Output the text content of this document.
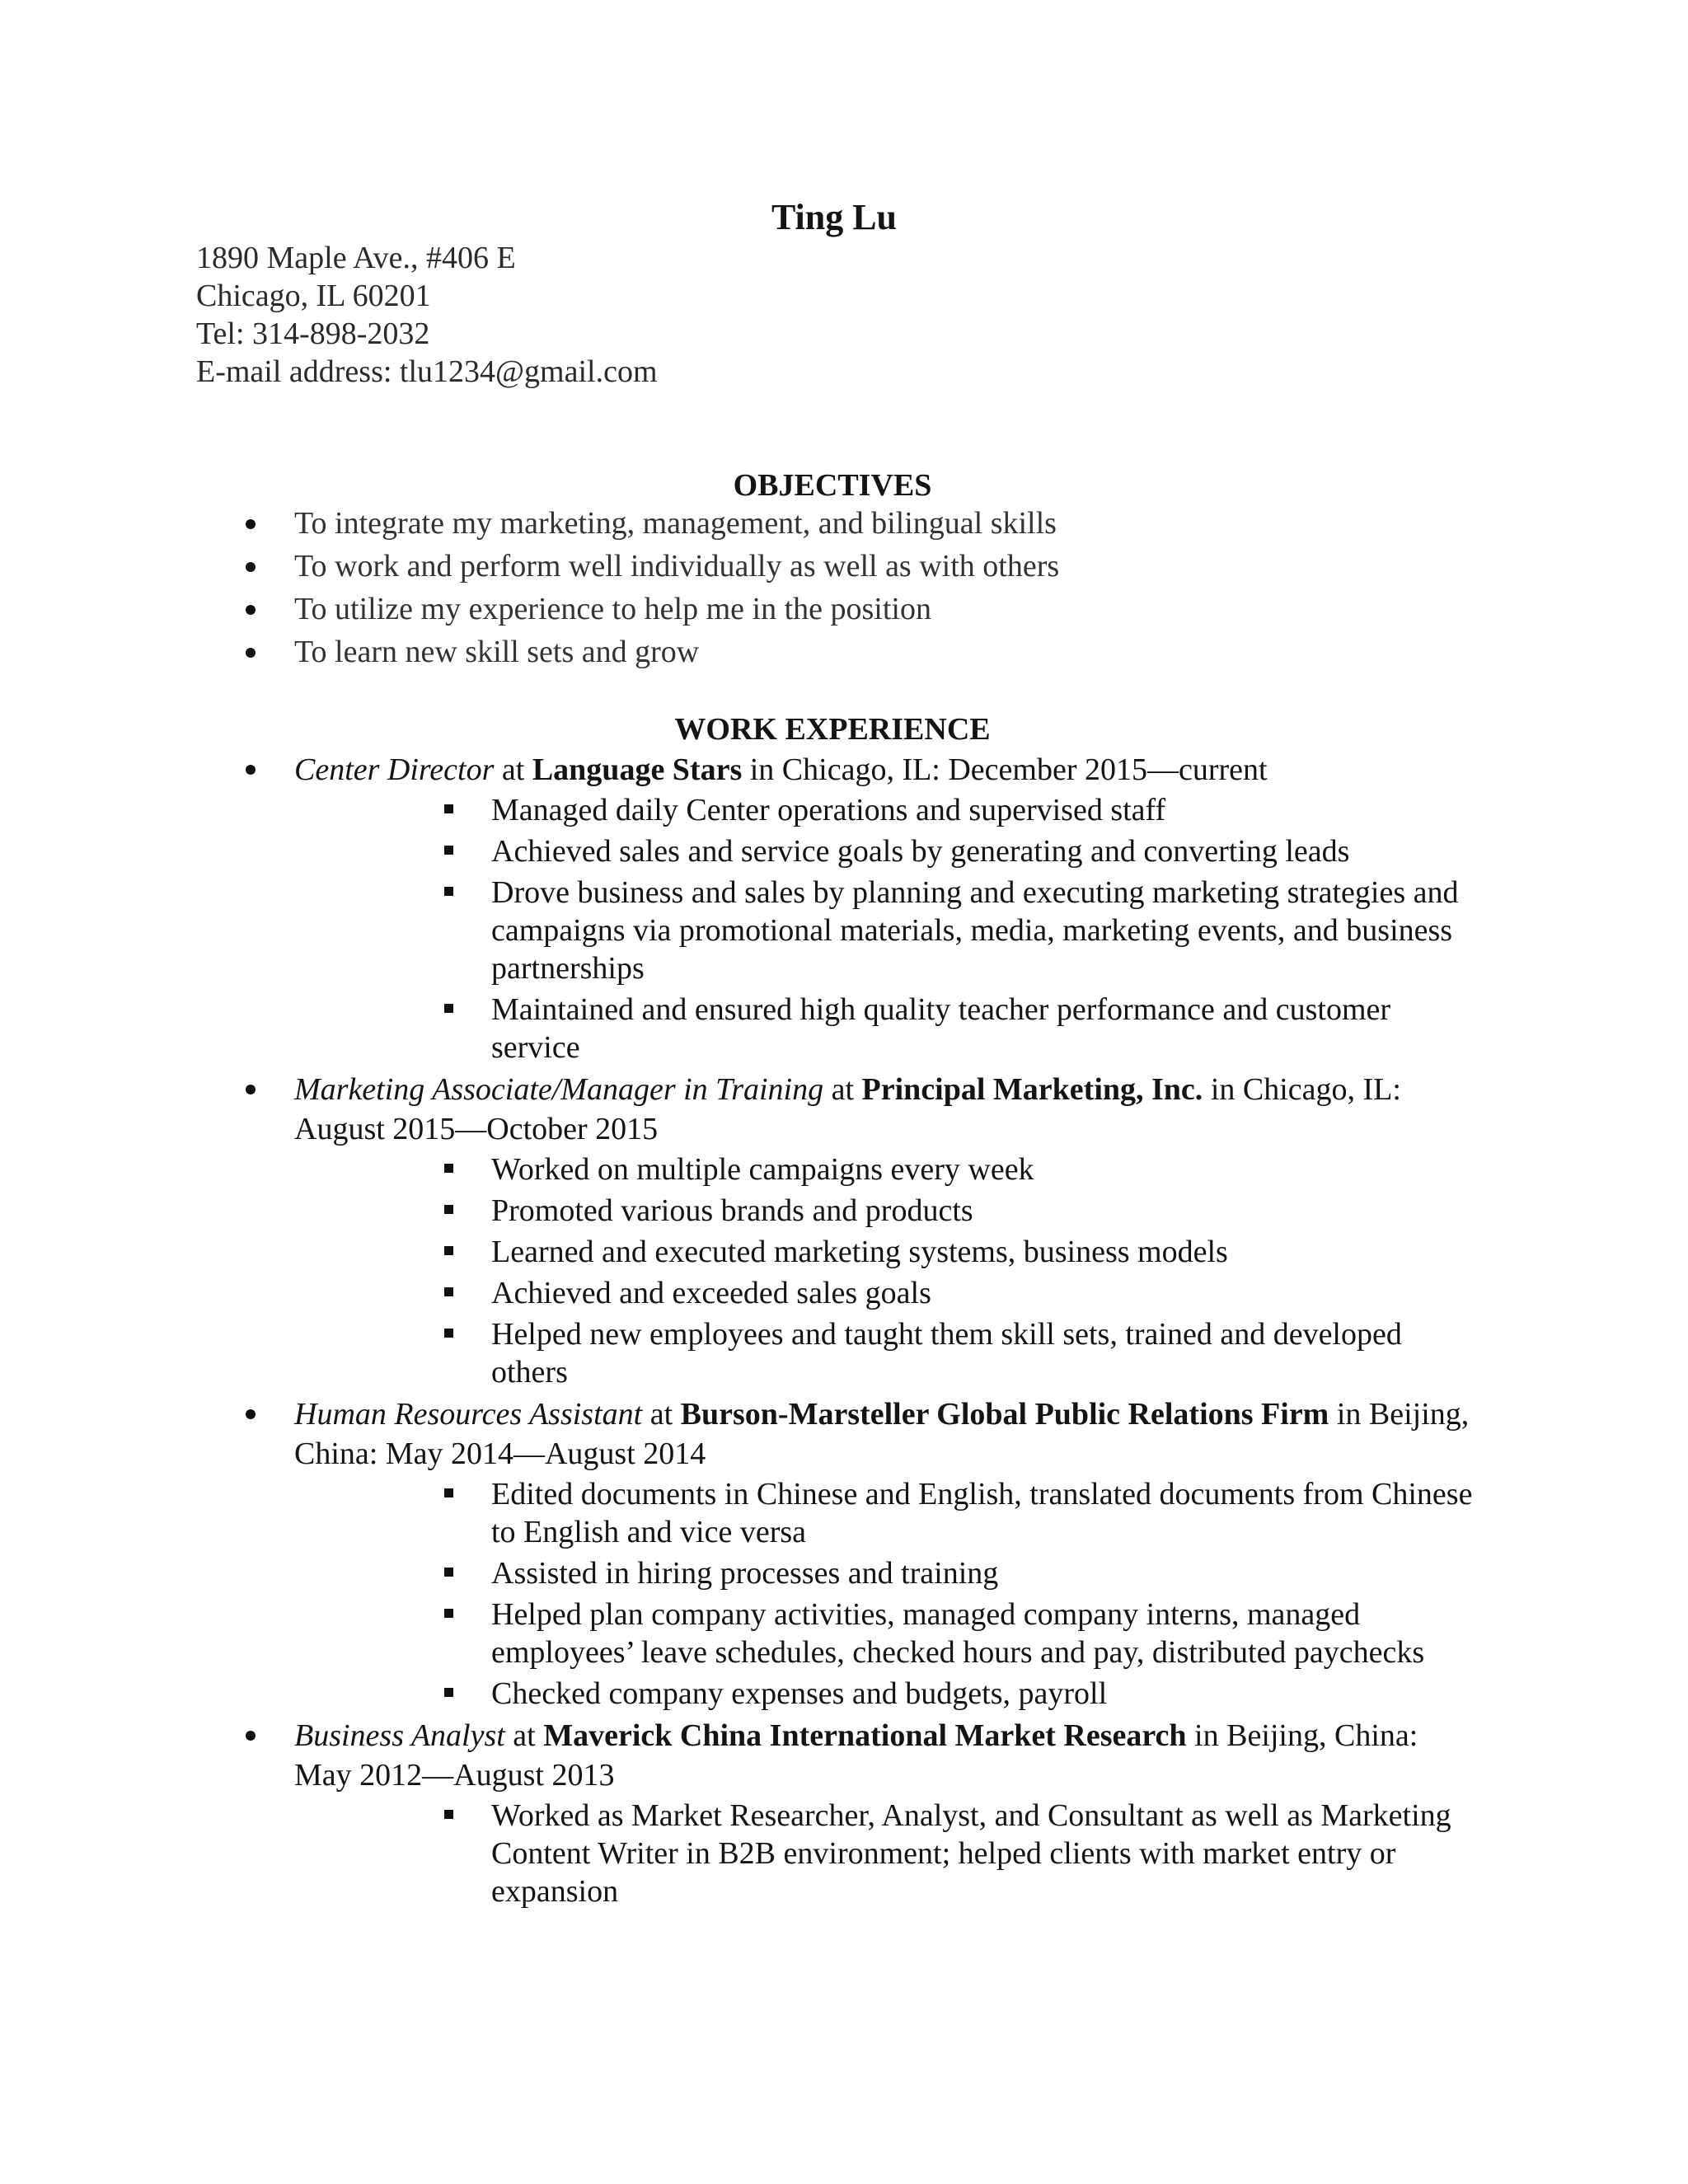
Ting Lu
1890 Maple Ave., #406 E
Chicago, IL 60201
Tel: 314-898-2032
E-mail address: tlu1234@gmail.com
OBJECTIVES
To integrate my marketing, management, and bilingual skills
To work and perform well individually as well as with others
To utilize my experience to help me in the position
To learn new skill sets and grow
WORK EXPERIENCE
Center Director at Language Stars in Chicago, IL: December 2015—current
Managed daily Center operations and supervised staff
Achieved sales and service goals by generating and converting leads
Drove business and sales by planning and executing marketing strategies and campaigns via promotional materials, media, marketing events, and business partnerships
Maintained and ensured high quality teacher performance and customer service
Marketing Associate/Manager in Training at Principal Marketing, Inc. in Chicago, IL: August 2015—October 2015
Worked on multiple campaigns every week
Promoted various brands and products
Learned and executed marketing systems, business models
Achieved and exceeded sales goals
Helped new employees and taught them skill sets, trained and developed others
Human Resources Assistant at Burson-Marsteller Global Public Relations Firm in Beijing, China: May 2014—August 2014
Edited documents in Chinese and English, translated documents from Chinese to English and vice versa
Assisted in hiring processes and training
Helped plan company activities, managed company interns, managed employees’ leave schedules, checked hours and pay, distributed paychecks
Checked company expenses and budgets, payroll
Business Analyst at Maverick China International Market Research in Beijing, China: May 2012—August 2013
Worked as Market Researcher, Analyst, and Consultant as well as Marketing Content Writer in B2B environment; helped clients with market entry or expansion
